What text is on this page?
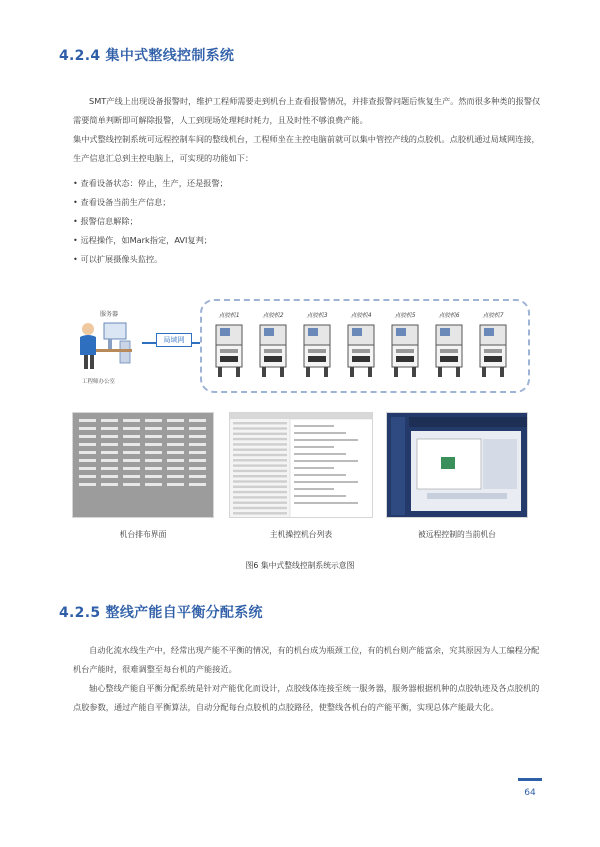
4.2.4 集中式整线控制系统

SMT产线上出现设备报警时，维护工程师需要走到机台上查看报警情况，并排查报警问题后恢复生产。然而很多种类的报警仅需要简单判断即可解除报警，人工到现场处理耗时耗力，且及时性不够浪费产能。

集中式整线控制系统可远程控制车间的整线机台，工程师坐在主控电脑前就可以集中管控产线的点胶机。点胶机通过局域网连接，生产信息汇总到主控电脑上，可实现的功能如下：

• 查看设备状态：停止，生产，还是报警；
• 查看设备当前生产信息；
• 报警信息解除；
• 远程操作，如Mark指定，AVI复判；
• 可以扩展摄像头监控。
服务器
工程师办公室
局域网
点胶机1	点胶机2	点胶机3	点胶机4	点胶机5	点胶机6	点胶机7
机台排布界面	主机操控机台列表	被远程控制的当前机台
图6 集中式整线控制系统示意图
4.2.5 整线产能自平衡分配系统

自动化流水线生产中，经常出现产能不平衡的情况，有的机台成为瓶颈工位，有的机台则产能富余，究其原因为人工编程分配机台产能时，很难调整至每台机的产能接近。

轴心整线产能自平衡分配系统是针对产能优化而设计，点胶线体连接至统一服务器，服务器根据机种的点胶轨迹及各点胶机的点胶参数，通过产能自平衡算法，自动分配每台点胶机的点胶路径，使整线各机台的产能平衡，实现总体产能最大化。

64
